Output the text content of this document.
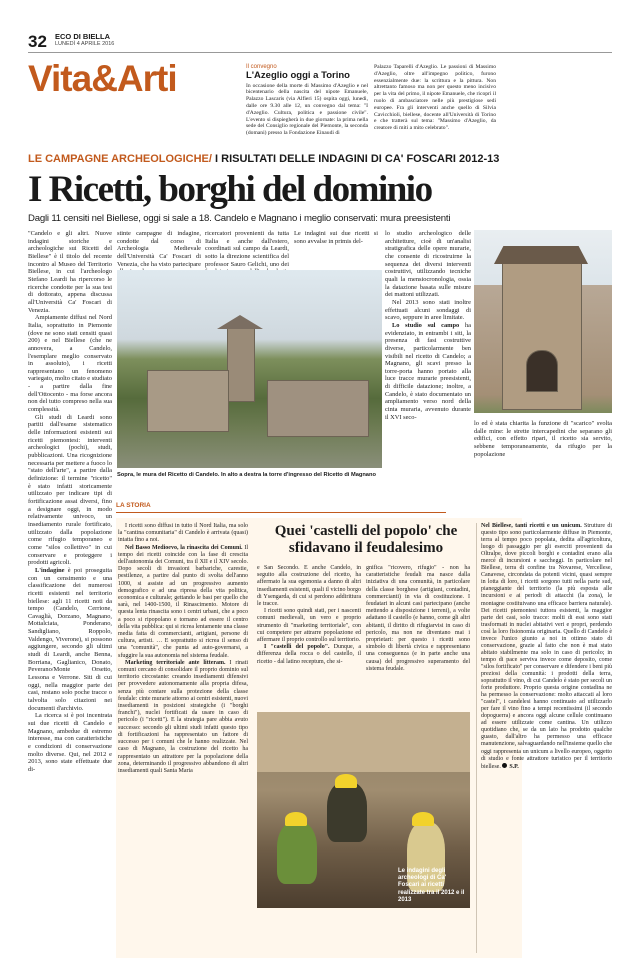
32 ECO DI BIELLA
LUNEDÌ 4 APRILE 2016
Vita&Arti	Il convegno
L'Azeglio oggi a Torino
In occasione della morte di Massimo d'Azeglio e nel bicentenario della nascita del nipote Emanuele, Palazzo Lascaris (via Alfieri 15) ospita oggi, lunedì, dalle ore 9.30 alle 12, un convegno dal tema: "I d'Azeglio. Cultura, politica e passione civile". L'evento si dispiegherà in due giornate: la prima nella sede del Consiglio regionale del Piemonte, la seconda (domani) presso la Fondazione Einaudi di
Palazzo Taparelli d'Azeglio. Le passioni di Massimo d'Azeglio, oltre all'impegno politico, furono essenzialmente due: la scrittura e la pittura. Non altrettanto famoso ma non per questo meno incisivo per la vita del primo, il nipote Emanuele, che ricoprì il ruolo di ambasciatore nelle più prestigiose sedi europee. Fra gli interventi anche quello di Silvia Cavicchioli, biellese, docente all'Università di Torino e che tratterà sul tema: "Massimo d'Azeglio, da creatore di miti a mito celebrato".
LE CAMPAGNE ARCHEOLOGICHE/ I RISULTATI DELLE INDAGINI DI CA' FOSCARI 2012-13
I Ricetti, borghi del dominio
Dagli 11 censiti nel Biellese, oggi si sale a 18. Candelo e Magnano i meglio conservati: mura preesistenti

"Candelo e gli altri. Nuove indagini storiche e archeologiche sui Ricetti del Biellese" è il titolo del recente incontro al Museo del Territorio Biellese, in cui l'archeologo Stefano Leardi ha ripercorso le ricerche condotte per la sua tesi di dottorato, appena discussa all'Università Ca' Foscari di Venezia.

Ampiamente diffusi nel Nord Italia, soprattutto in Piemonte (dove ne sono stati censiti quasi 200) e nel Biellese (che ne annovera, a Candelo, l'esemplare meglio conservato in assoluto), i ricetti rappresentano un fenomeno variegato, molto citato e studiato - a partire dalla fine dell'Ottocento - ma forse ancora non del tutto compreso nella sua complessità.

Gli studi di Leardi sono partiti dall'esame sistematico delle informazioni esistenti sui ricetti piemontesi: interventi archeologici (pochi), studi, pubblicazioni. Una ricognizione necessaria per mettere a fuoco lo "stato dell'arte", a partire dalla definizione: il termine "ricetto" è stato infatti storicamente utilizzato per indicare tipi di fortificazione assai diversi, fino a designare oggi, in modo relativamente univoco, un insediamento rurale fortificato, utilizzato dalla popolazione come rifugio temporaneo e come "silos collettivo" in cui conservare e proteggere i prodotti agricoli.

L'indagine è poi proseguita con un censimento e una classificazione dei numerosi ricetti esistenti nel territorio biellese: agli 11 ricetti noti da tempo (Candelo, Cerrione, Cavaglià, Dorzano, Magnano, Mottalciata, Ponderano, Sandigliano, Roppolo, Valdengo, Viverone), si possono aggiungere, secondo gli ultimi studi di Leardi, anche Benna, Borriana, Gaglianico, Donato, Peverano/Monte Orsetto, Lessona e Verrone. Siti di cui oggi, nella maggior parte dei casi, restano solo poche tracce o talvolta solo citazioni nei documenti d'archivio.

La ricerca si è poi incentrata sui due ricetti di Candelo e Magnano, ambedue di estremo interesse, ma con caratteristiche e condizioni di conservazione molto diverse. Qui, nel 2012 e 2013, sono state effettuate due di-

stinte campagne di indagine, condotte dal corso di Archeologia Medievale dell'Università Ca' Foscari di Venezia, che ha visto partecipare

ricercatori provenienti da tutta Italia e anche dall'estero, coordinati sul campo da Leardi, sotto la direzione scientifica del professor Sauro Gelichi, uno dei

Le indagini sui due ricetti si sono avvalse in primis del-

lo studio archeologico delle architetture, cioè di un'analisi stratigrafica delle opere murarie, che consente di ricostruirne la sequenza dei diversi interventi costruttivi, utilizzando tecniche quali la mensiocronologia, ossia la datazione basata sulle misure dei mattoni utilizzati.

Nel 2013 sono stati inoltre effettuati alcuni sondaggi di scavo, seppure in aree limitate.

Lo studio sul campo ha evidenziato, in entrambi i siti, la presenza di fasi costruttive diverse, particolarmente ben visibili nel ricetto di Candelo; a Magnano, gli scavi presso la torre-porta hanno portato alla luce tracce murarie preesistenti, di difficile datazione; inoltre, a Candelo, è stato documentato un ampliamento verso nord della cinta muraria, avvenuto durante il XVI seco-

lo ed è stata chiarita la funzione di "scarico" svolta dalle mine: le strette intercapedini che separano gli edifici, con effetto ripari, il ricetto sia servito, sebbene temporaneamente, da rifugio per la popolazione

Sopra, le mura del Ricetto di Candelo. In alto a destra la torre d'ingresso del Ricetto di Magnano
LA STORIA
Quei 'castelli del popolo' che sfidavano il feudalesimo

I ricetti sono diffusi in tutto il Nord Italia, ma solo la "cantina comunitaria" di Candelo è arrivata (quasi) intatta fino a noi.

Nel Basso Medioevo, la rinascita dei Comuni. Il tempo dei ricetti coincide con la fase di crescita dell'autonomia dei Comuni, tra il XII e il XIV secolo. Dopo secoli di invasioni barbariche, carestie, pestilenze, a partire dal punto di svolta dell'anno 1000, si assiste ad un progressivo aumento demografico e ad una ripresa della vita politica, economica e culturale; gettando le basi per quello che sarà, nel 1400-1500, il Rinascimento. Motore di questa lenta rinascita sono i centri urbani, che a poco a poco si ripopolano e tornano ad essere il centro della vita pubblica: qui si ricrea lentamente una classe media fatta di commercianti, artigiani, persone di cultura, artisti. … E soprattutto si ricrea il senso di una "comunità", che punta ad auto-governarsi, a sfuggire la sua autonomia nel sistema feudale.

Marketing territoriale ante litteram. I rinati comuni cercano di consolidare il proprio dominio sul territorio circostante: creando insediamenti difensivi per provvedere autonomamente alla propria difesa, senza più contare sulla protezione della classe feudale: cinte murarie attorno ai centri esistenti, nuovi insediamenti in posizioni strategiche (i "borghi franchi"), nuclei fortificati da usare in caso di pericolo (i "ricetti"). E la strategia pare abbia avuto successo: secondo gli ultimi studi infatti questo tipo di fortificazioni ha rappresentato un fattore di successo per i comuni che le hanno realizzate. Nel caso di Magnano, la costruzione del ricetto ha rappresentato un attrattore per la popolazione della zona, determinando il progressivo abbandono di altri insediamenti quali Santa Maria

e San Secondo. E anche Candelo, in seguito alla costruzione del ricetto, ha affermato la sua egemonia a danno di altri insediamenti esistenti, quali il vicino borgo di Ysengarda, di cui si perdono addirittura le tracce.

I ricetti sono quindi stati, per i nascenti comuni medievali, un vero e proprio strumento di "marketing territoriale", con cui competere per attrarre popolazione ed affermare il proprio controllo sul territorio.

I "castelli del popolo". Dunque, a differenza della rocca o del castello, il ricetto - dal latino receptum, che si-

gnifica "ricovero, rifugio" - non ha caratteristiche feudali ma nasce dalla iniziativa di una comunità, in particolare della classe borghese (artigiani, contadini, commercianti) in via di costituzione. I feudatari in alcuni casi partecipano (anche mettendo a disposizione i terreni), a volte adattano il castello (e hanno, come gli altri abitanti, il diritto di rifugiarvisi in caso di pericolo, ma non ne diventano mai i proprietari: per questo i ricetti sono simbolo di libertà civica e rappresentano una conseguenza (e in parte anche una causa) del progressivo superamento del sistema feudale.

Le indagini degli archeologi di Ca' Foscari ai ricetti realizzate tra il 2012 e il 2013

Nel Biellese, tanti ricetti e un unicum. Strutture di questo tipo sono particolarmente diffuse in Piemonte, terra al tempo poco popolata, dedita all'agricoltura, luogo di passaggio per gli eserciti provenienti da Oltralpe, dove piccoli borghi e contadini erano alla mercé di incursioni e saccheggi. In particolare nel Biellese, terra di confine tra Novarese, Vercellese, Canavese, circondata da potenti vicini, quasi sempre in lotta di loro, i ricetti sorgono tutti nella parte sud, pianeggiante del territorio (la più esposta alle incursioni e ai periodi di attacchi (la zona), le montagne costituivano una efficace barriera naturale). Dei ricetti piemontesi tuttora esistenti, la maggior parte dei casi, solo tracce: molti di essi sono stati trasformati in nuclei abitativi veri e propri, perdendo così la loro fisionomia originaria. Quello di Candelo è invece l'unico giunto a noi in ottimo stato di conservazione, grazie al fatto che non è mai stato abitato stabilmente ma solo in caso di pericolo; in tempo di pace serviva invece come deposito, come "silos fortificato" per conservare e difendere i beni più preziosi della comunità: i prodotti della terra, soprattutto il vino, di cui Candelo è stato per secoli un forte produttore. Proprio questa origine contadina ne ha permesso la conservazione: molto attaccati al loro "castel", i candelesi hanno continuato ad utilizzarlo per fare il vino fino a tempi recentissimi (il secondo dopoguerra) e ancora oggi alcune cellule continuano ad essere utilizzate come cantina. Un utilizzo quotidiano che, se da un lato ha prodotto qualche guasto, dall'altro ha permesso una efficace manutenzione, salvaguardando nell'insieme quello che oggi rappresenta un unicum a livello europeo, oggetto di studio e fonte attrattore turistico per il territorio biellese. S.P.
